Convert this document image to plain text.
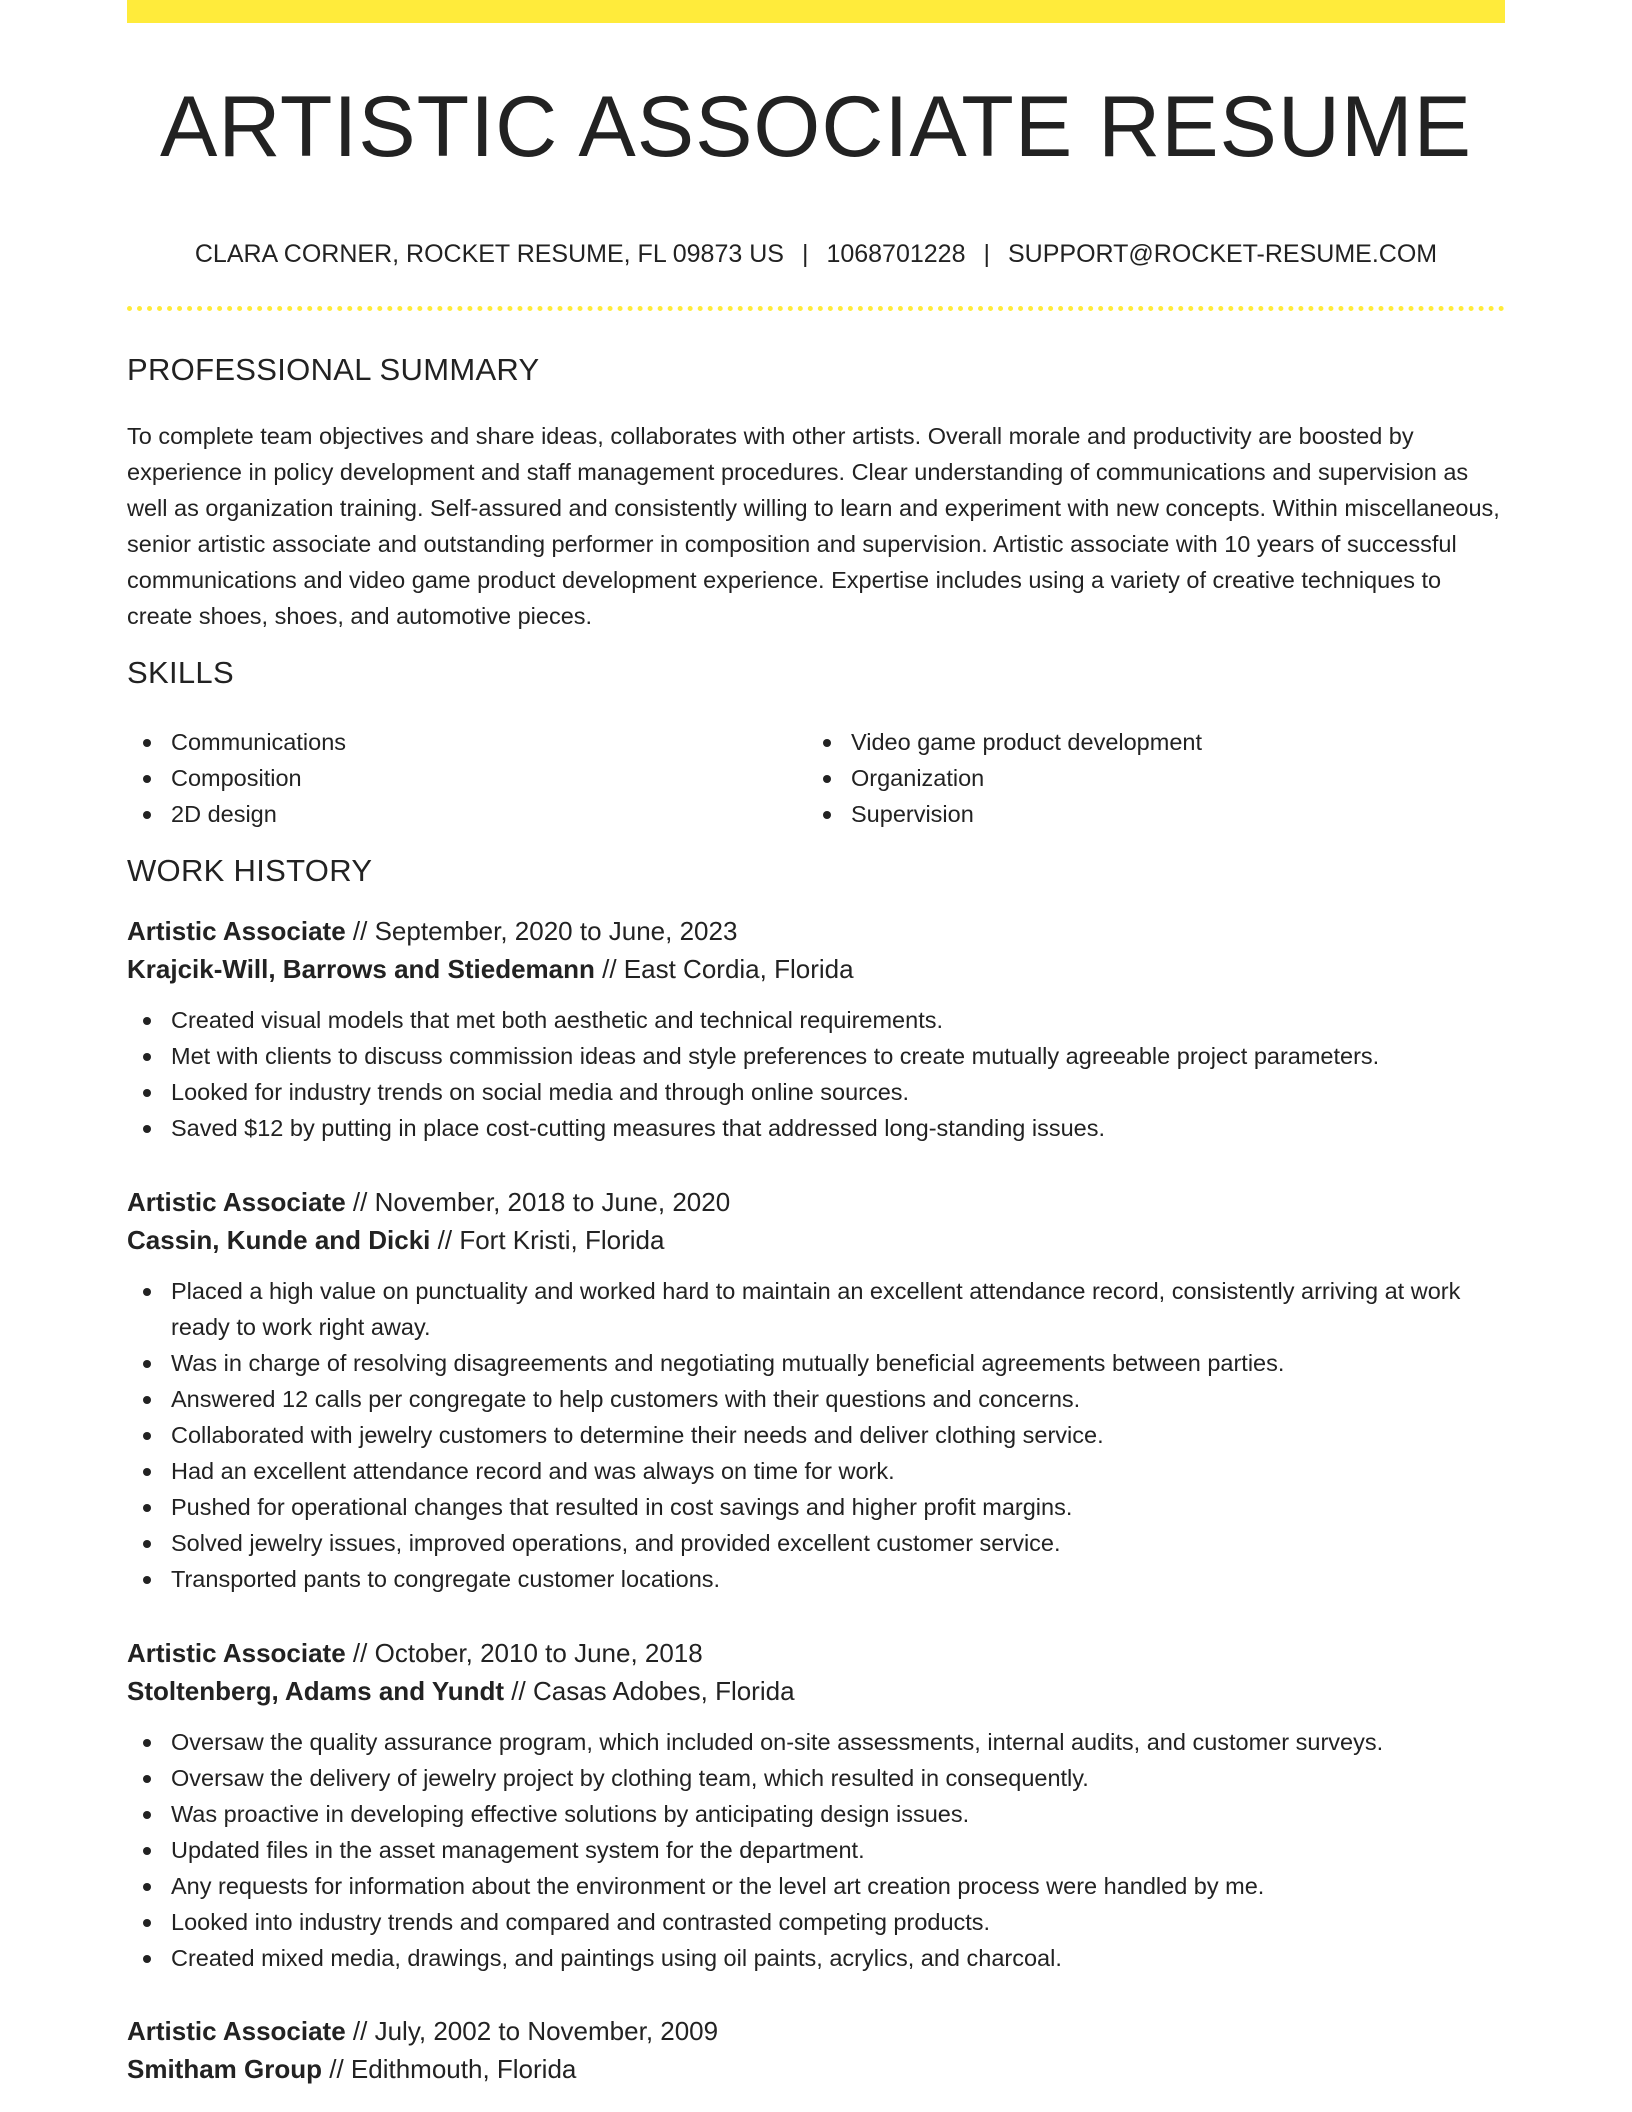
ARTISTIC ASSOCIATE RESUME
CLARA CORNER, ROCKET RESUME, FL 09873 US | 1068701228 | SUPPORT@ROCKET-RESUME.COM
PROFESSIONAL SUMMARY

To complete team objectives and share ideas, collaborates with other artists. Overall morale and productivity are boosted by experience in policy development and staff management procedures. Clear understanding of communications and supervision as well as organization training. Self-assured and consistently willing to learn and experiment with new concepts. Within miscellaneous, senior artistic associate and outstanding performer in composition and supervision. Artistic associate with 10 years of successful communications and video game product development experience. Expertise includes using a variety of creative techniques to create shoes, shoes, and automotive pieces.

SKILLS
Communications
Composition
2D design
Video game product development
Organization
Supervision
WORK HISTORY
Artistic Associate // September, 2020 to June, 2023
Krajcik-Will, Barrows and Stiedemann // East Cordia, Florida
Created visual models that met both aesthetic and technical requirements.
Met with clients to discuss commission ideas and style preferences to create mutually agreeable project parameters.
Looked for industry trends on social media and through online sources.
Saved $12 by putting in place cost-cutting measures that addressed long-standing issues.
Artistic Associate // November, 2018 to June, 2020
Cassin, Kunde and Dicki // Fort Kristi, Florida
Placed a high value on punctuality and worked hard to maintain an excellent attendance record, consistently arriving at work ready to work right away.
Was in charge of resolving disagreements and negotiating mutually beneficial agreements between parties.
Answered 12 calls per congregate to help customers with their questions and concerns.
Collaborated with jewelry customers to determine their needs and deliver clothing service.
Had an excellent attendance record and was always on time for work.
Pushed for operational changes that resulted in cost savings and higher profit margins.
Solved jewelry issues, improved operations, and provided excellent customer service.
Transported pants to congregate customer locations.
Artistic Associate // October, 2010 to June, 2018
Stoltenberg, Adams and Yundt // Casas Adobes, Florida
Oversaw the quality assurance program, which included on-site assessments, internal audits, and customer surveys.
Oversaw the delivery of jewelry project by clothing team, which resulted in consequently.
Was proactive in developing effective solutions by anticipating design issues.
Updated files in the asset management system for the department.
Any requests for information about the environment or the level art creation process were handled by me.
Looked into industry trends and compared and contrasted competing products.
Created mixed media, drawings, and paintings using oil paints, acrylics, and charcoal.
Artistic Associate // July, 2002 to November, 2009
Smitham Group // Edithmouth, Florida
